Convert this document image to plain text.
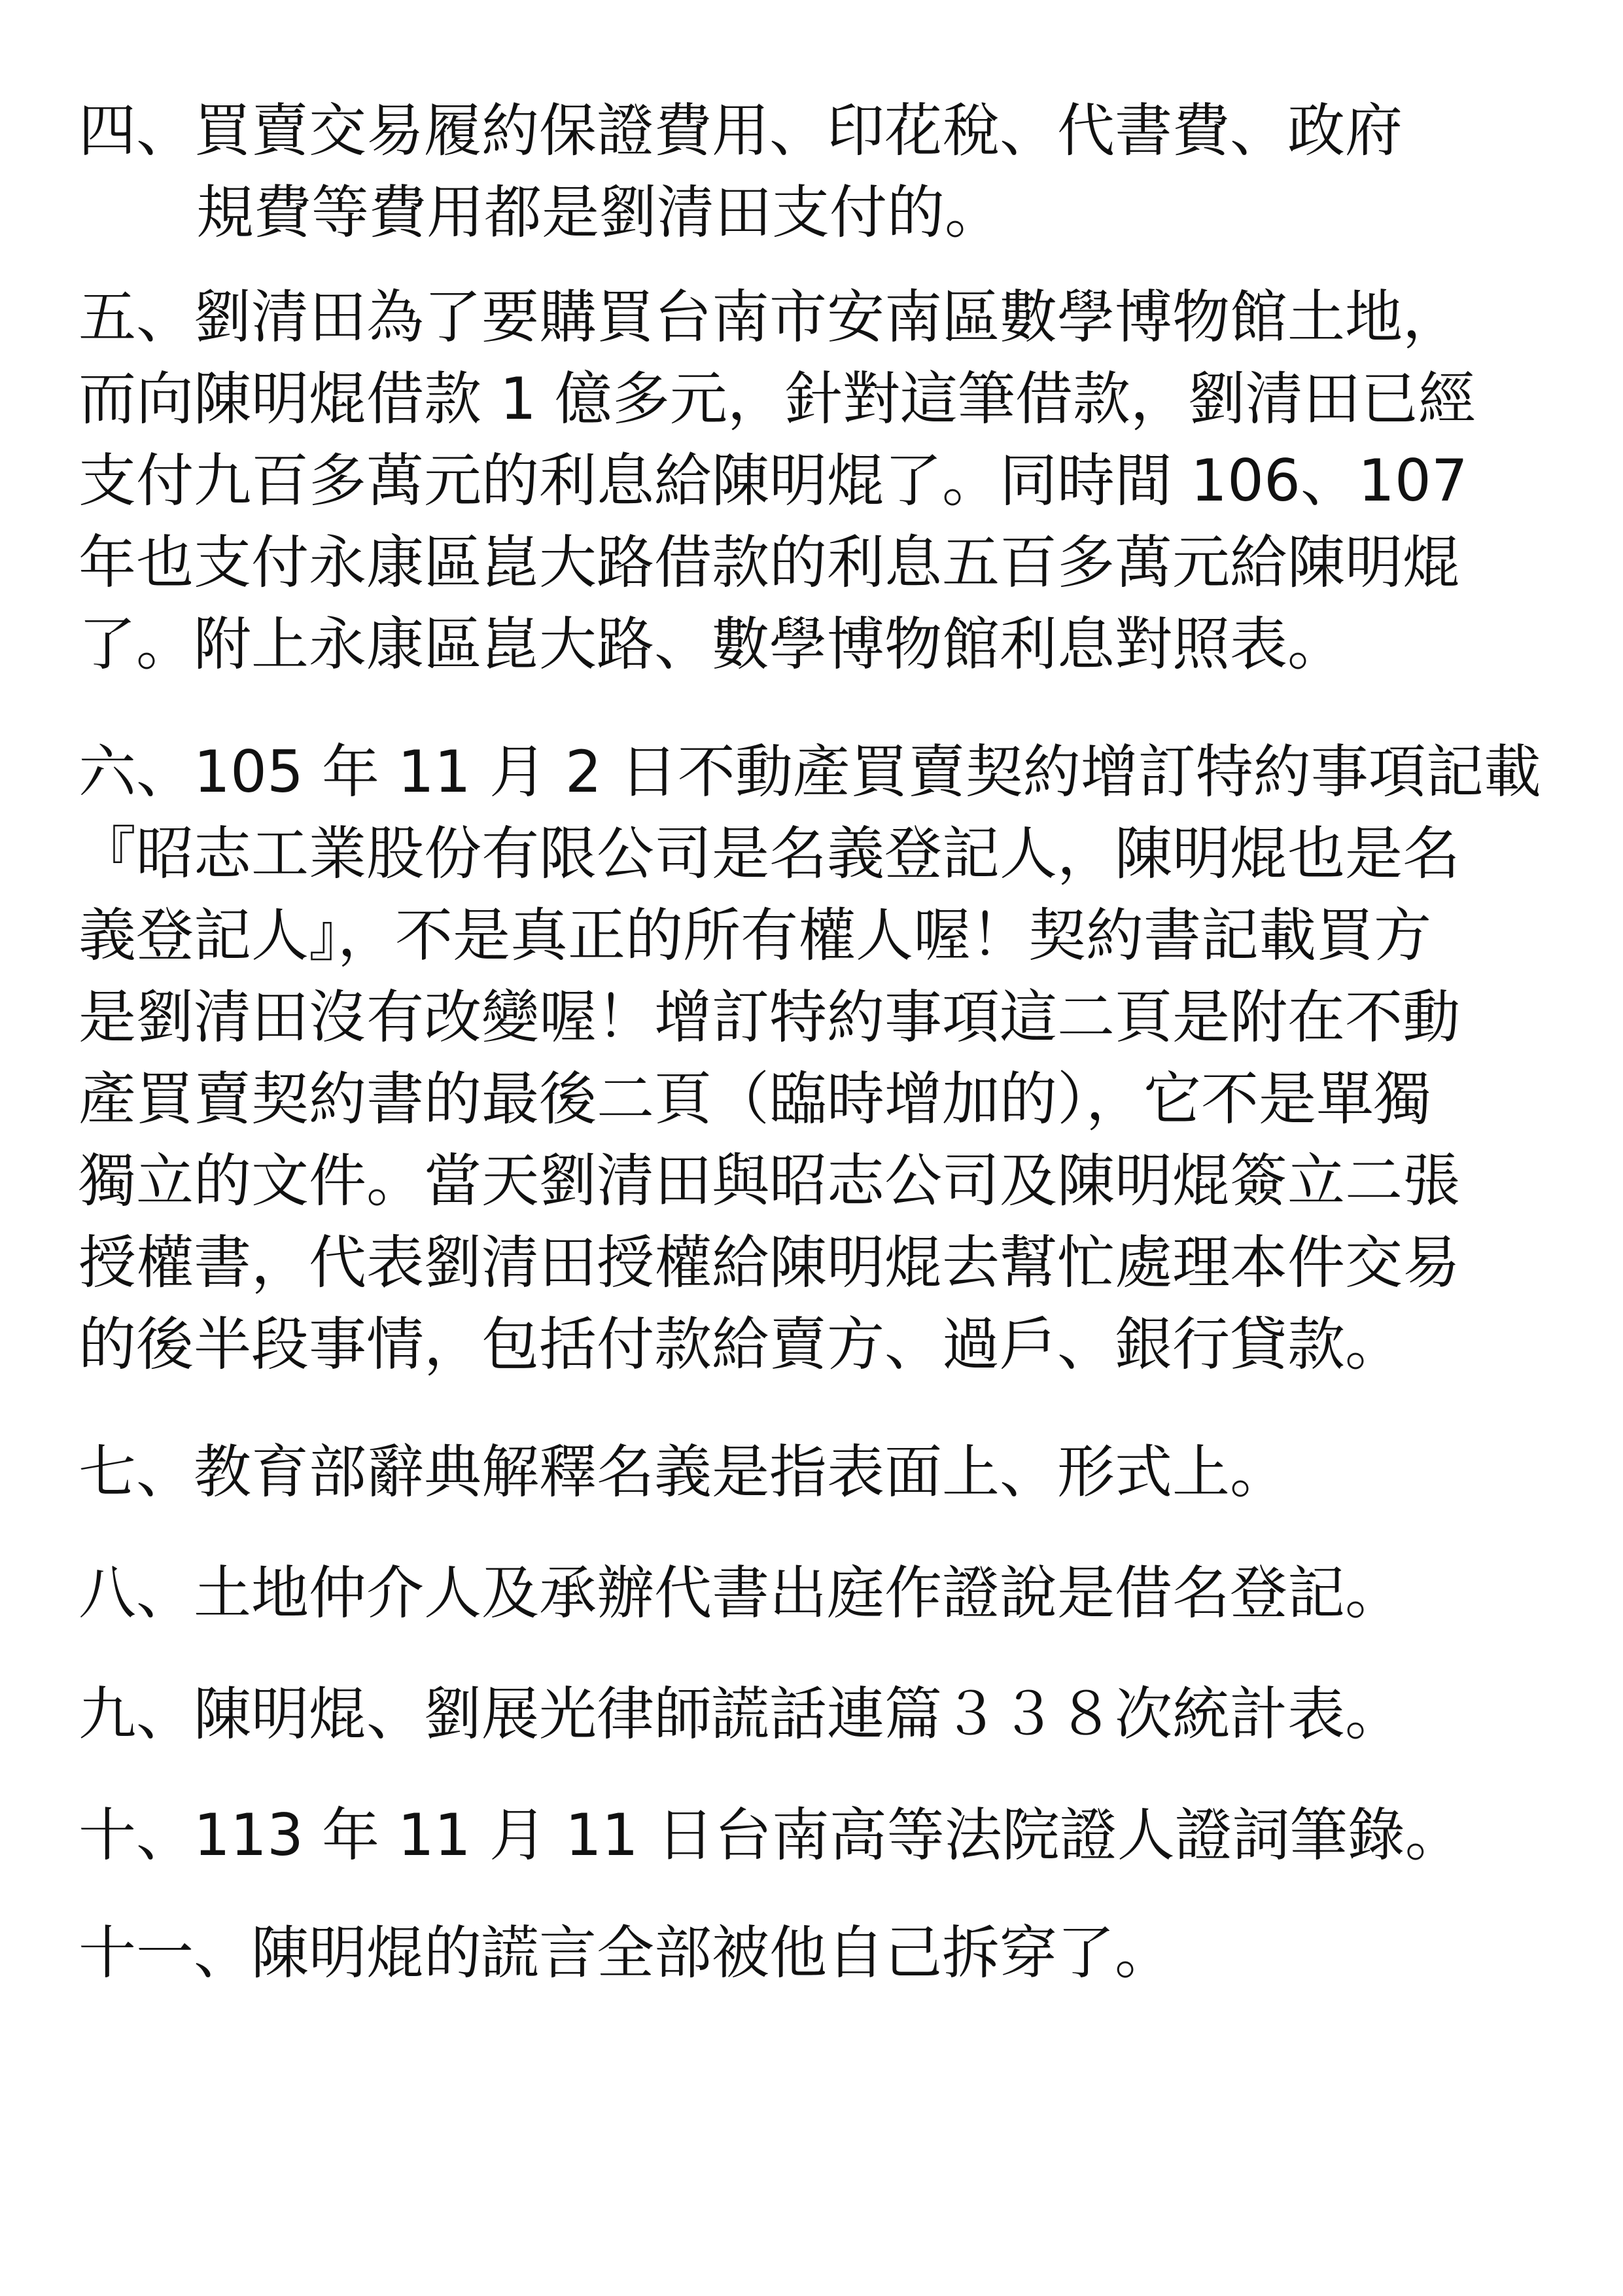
四、買賣交易履約保證費用、印花稅、代書費、政府
規費等費用都是劉清田支付的。
五、劉清田為了要購買台南市安南區數學博物館土地，
而向陳明焜借款 1 億多元，針對這筆借款，劉清田已經
支付九百多萬元的利息給陳明焜了。同時間 106、107
年也支付永康區崑大路借款的利息五百多萬元給陳明焜
了。附上永康區崑大路、數學博物館利息對照表。
六、105 年 11 月 2 日不動產買賣契約增訂特約事項記載
『昭志工業股份有限公司是名義登記人，陳明焜也是名
義登記人』，不是真正的所有權人喔！契約書記載買方
是劉清田沒有改變喔！增訂特約事項這二頁是附在不動
產買賣契約書的最後二頁（臨時增加的），它不是單獨
獨立的文件。當天劉清田與昭志公司及陳明焜簽立二張
授權書，代表劉清田授權給陳明焜去幫忙處理本件交易
的後半段事情，包括付款給賣方、過戶、銀行貸款。
七、教育部辭典解釋名義是指表面上、形式上。
八、土地仲介人及承辦代書出庭作證說是借名登記。
九、陳明焜、劉展光律師謊話連篇３３８次統計表。
十、113 年 11 月 11 日台南高等法院證人證詞筆錄。
十一、陳明焜的謊言全部被他自己拆穿了。
